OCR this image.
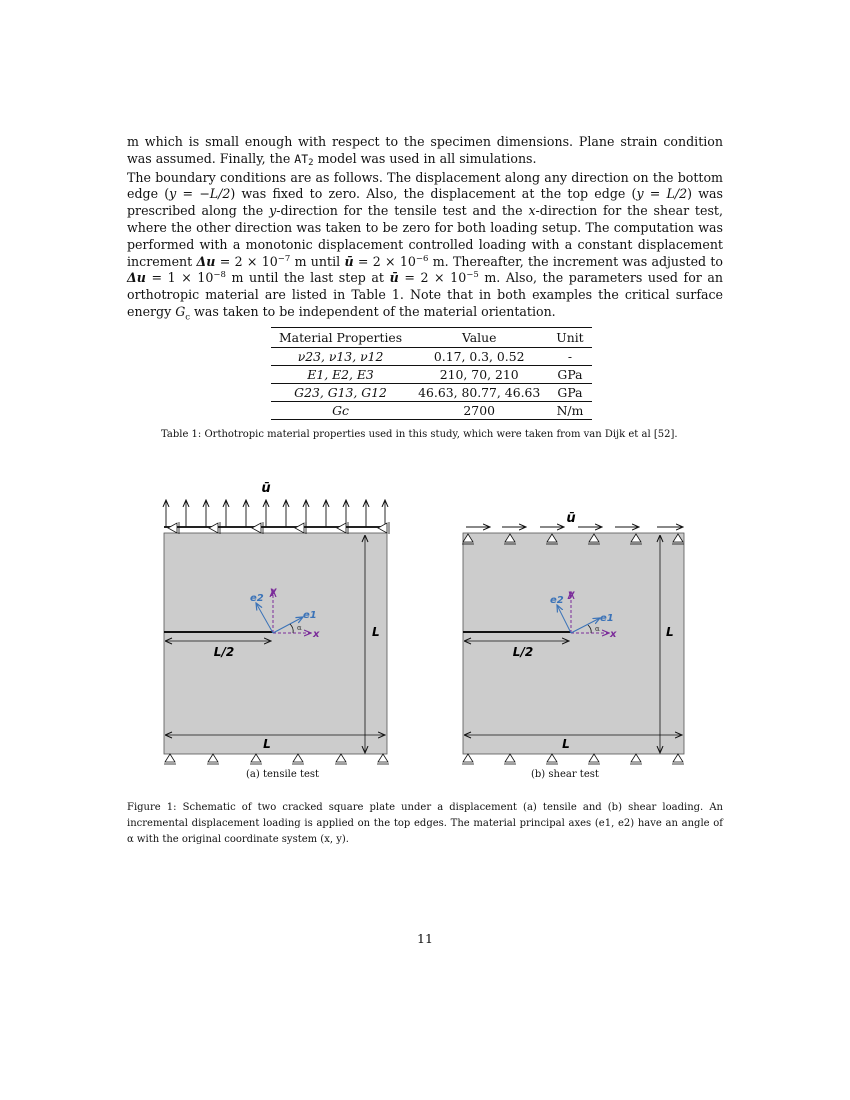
m which is small enough with respect to the specimen dimensions. Plane strain condition was assumed. Finally, the AT2 model was used in all simulations.

The boundary conditions are as follows. The displacement along any direction on the bottom edge (y = −L/2) was fixed to zero. Also, the displacement at the top edge (y = L/2) was prescribed along the y-direction for the tensile test and the x-direction for the shear test, where the other direction was taken to be zero for both loading setup. The computation was performed with a monotonic displacement controlled loading with a constant displacement increment $\Delta u = 2 \times 10^{-7}$ m until ū = $2 \times 10^{-6}$ m. Thereafter, the increment was adjusted to $\Delta u = 1 \times 10^{-8}$ m until the last step at ū = $2 \times 10^{-5}$ m. Also, the parameters used for an orthotropic material are listed in Table 1. Note that in both examples the critical surface energy $G_c$ was taken to be independent of the material orientation.

Material Properties	Value	Unit
ν23, ν13, ν12	0.17, 0.3, 0.52	-
E1, E2, E3	210, 70, 210	GPa
G23, G13, G12	46.63, 80.77, 46.63	GPa
Gc	2700	N/m
Table 1: Orthotropic material properties used in this study, which were taken from van Dijk et al [52].
ū
L/2
α
y
x
e2
e1
L
L
ū
L/2
α
y
x
e2
e1
L
L
(a) tensile test	(b) shear test
Figure 1: Schematic of two cracked square plate under a displacement (a) tensile and (b) shear loading. An incremental displacement loading is applied on the top edges. The material principal axes (e1, e2) have an angle of α with the original coordinate system (x, y).
11
